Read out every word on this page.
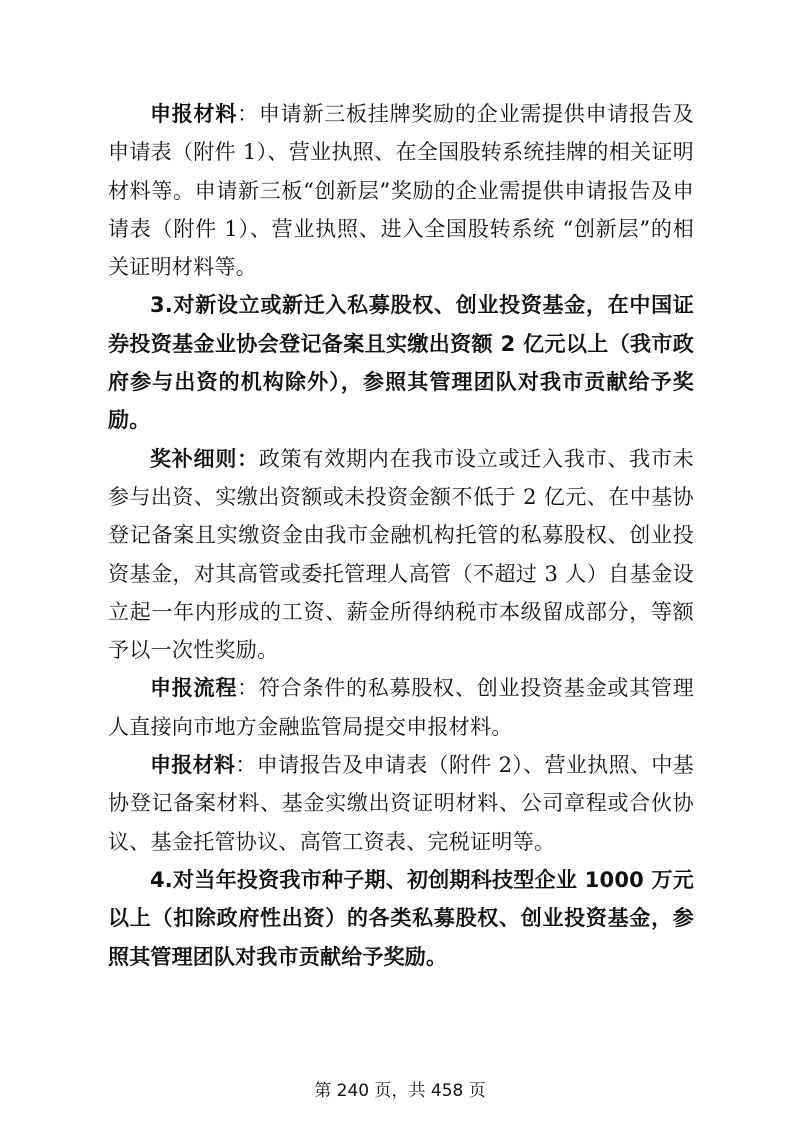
申报材料：申请新三板挂牌奖励的企业需提供申请报告及申请表（附件 1）、营业执照、在全国股转系统挂牌的相关证明材料等。申请新三板“创新层”奖励的企业需提供申请报告及申请表（附件 1）、营业执照、进入全国股转系统 “创新层”的相关证明材料等。

3.对新设立或新迁入私募股权、创业投资基金，在中国证券投资基金业协会登记备案且实缴出资额 2 亿元以上（我市政府参与出资的机构除外），参照其管理团队对我市贡献给予奖励。

奖补细则：政策有效期内在我市设立或迁入我市、我市未参与出资、实缴出资额或未投资金额不低于 2 亿元、在中基协登记备案且实缴资金由我市金融机构托管的私募股权、创业投资基金，对其高管或委托管理人高管（不超过 3 人）自基金设立起一年内形成的工资、薪金所得纳税市本级留成部分，等额予以一次性奖励。

申报流程：符合条件的私募股权、创业投资基金或其管理人直接向市地方金融监管局提交申报材料。

申报材料：申请报告及申请表（附件 2）、营业执照、中基协登记备案材料、基金实缴出资证明材料、公司章程或合伙协议、基金托管协议、高管工资表、完税证明等。

4.对当年投资我市种子期、初创期科技型企业 1000 万元以上（扣除政府性出资）的各类私募股权、创业投资基金，参照其管理团队对我市贡献给予奖励。

第 240 页，共 458 页
